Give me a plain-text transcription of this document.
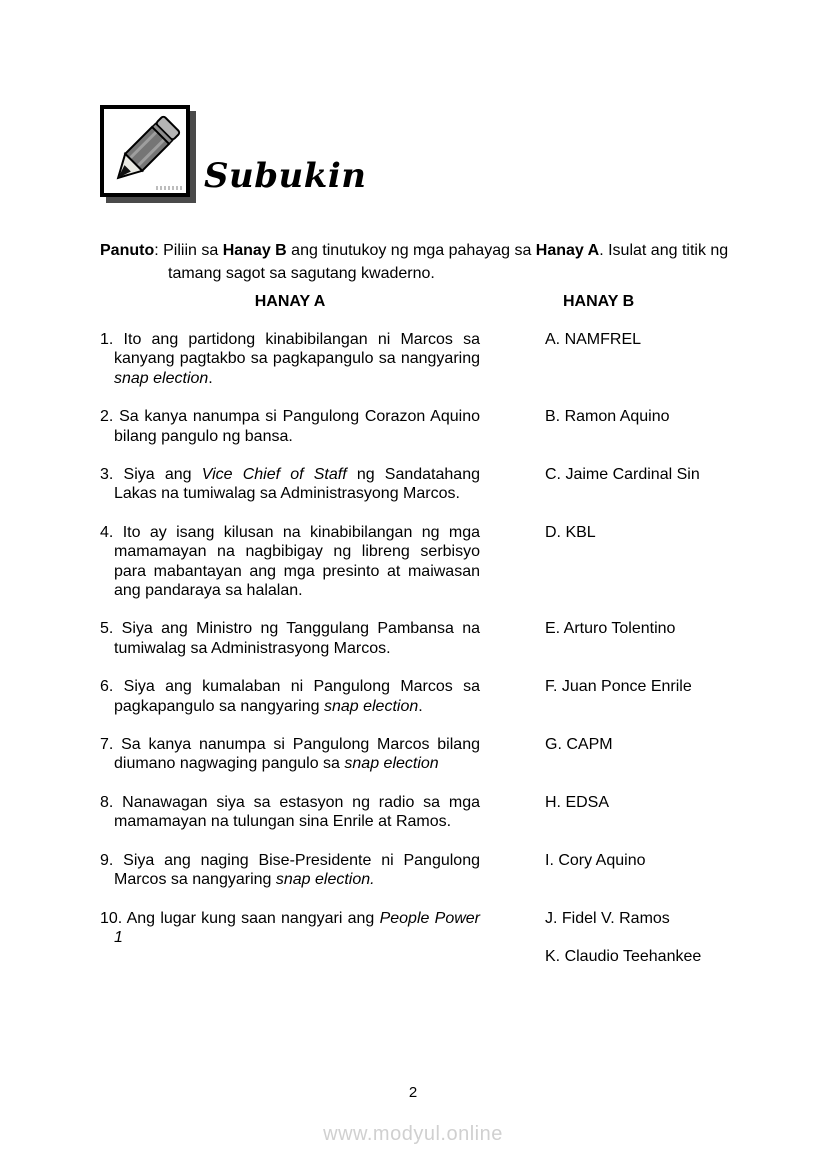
Subukin
Panuto: Piliin sa Hanay B ang tinutukoy ng mga pahayag sa Hanay A. Isulat ang titik ng tamang sagot sa sagutang kwaderno.
HANAY A	HANAY B
1. Ito ang partidong kinabibilangan ni Marcos sa kanyang pagtakbo sa pagkapangulo sa nangyaring snap election.
A. NAMFREL
2. Sa kanya nanumpa si Pangulong Corazon Aquino bilang pangulo ng bansa.
B. Ramon Aquino
3. Siya ang Vice Chief of Staff ng Sandatahang Lakas na tumiwalag sa Administrasyong Marcos.
C. Jaime Cardinal Sin
4. Ito ay isang kilusan na kinabibilangan ng mga mamamayan na nagbibigay ng libreng serbisyo para mabantayan ang mga presinto at maiwasan ang pandaraya sa halalan.
D. KBL
5. Siya ang Ministro ng Tanggulang Pambansa na tumiwalag sa Administrasyong Marcos.
E. Arturo Tolentino
6. Siya ang kumalaban ni Pangulong Marcos sa pagkapangulo sa nangyaring snap election.
F. Juan Ponce Enrile
7. Sa kanya nanumpa si Pangulong Marcos bilang diumano nagwaging pangulo sa snap election
G. CAPM
8. Nanawagan siya sa estasyon ng radio sa mga mamamayan na tulungan sina Enrile at Ramos.
H. EDSA
9. Siya ang naging Bise-Presidente ni Pangulong Marcos sa nangyaring snap election.
I. Cory Aquino
10. Ang lugar kung saan nangyari ang People Power 1
J. Fidel V. Ramos
K. Claudio Teehankee
2
www.modyul.online
